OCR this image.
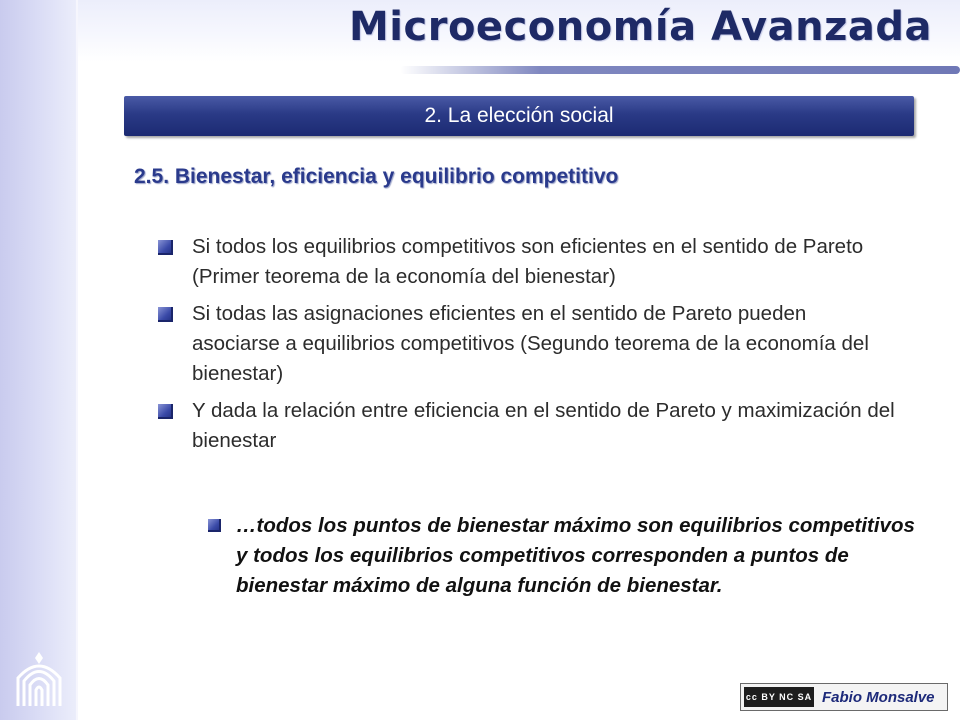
Microeconomía Avanzada
2. La elección social
2.5. Bienestar, eficiencia y equilibrio competitivo
Si todos los equilibrios competitivos son eficientes en el sentido de Pareto (Primer teorema de la economía del bienestar)
Si todas las asignaciones eficientes en el sentido de Pareto pueden asociarse a equilibrios competitivos (Segundo teorema de la economía del bienestar)
Y dada la relación entre eficiencia en el sentido de Pareto y maximización del bienestar
…todos los puntos de bienestar máximo son equilibrios competitivos y todos los equilibrios competitivos corresponden a puntos de bienestar máximo de alguna función de bienestar.
cc BY NC SA Fabio Monsalve
